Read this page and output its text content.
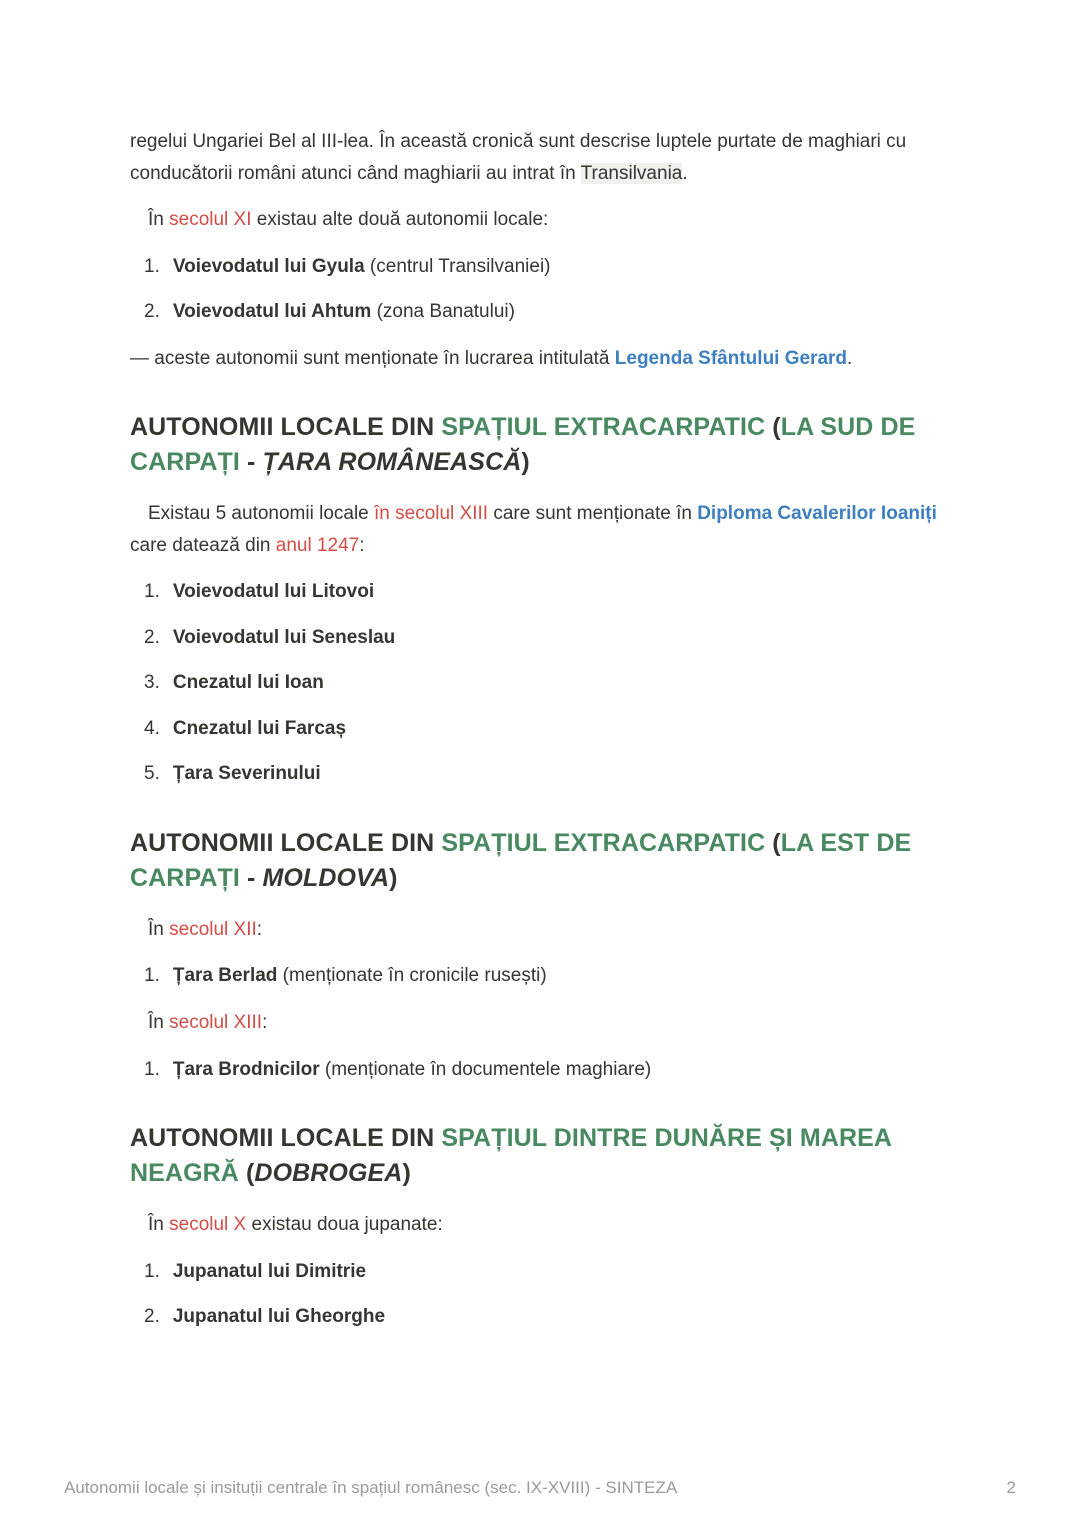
regelui Ungariei Bel al III-lea. În această cronică sunt descrise luptele purtate de maghiari cu conducătorii români atunci când maghiarii au intrat în Transilvania.

În secolul XI existau alte două autonomii locale:

1. Voievodatul lui Gyula (centrul Transilvaniei)
2. Voievodatul lui Ahtum (zona Banatului)

— aceste autonomii sunt menționate în lucrarea intitulată Legenda Sfântului Gerard.

AUTONOMII LOCALE DIN SPAȚIUL EXTRACARPATIC (LA SUD DE CARPAȚI - ȚARA ROMÂNEASCĂ)

Existau 5 autonomii locale în secolul XIII care sunt menționate în Diploma Cavalerilor Ioaniți care datează din anul 1247:

1. Voievodatul lui Litovoi
2. Voievodatul lui Seneslau
3. Cnezatul lui Ioan
4. Cnezatul lui Farcaș
5. Țara Severinului
AUTONOMII LOCALE DIN SPAȚIUL EXTRACARPATIC (LA EST DE CARPAȚI - MOLDOVA)

În secolul XII:

1. Țara Berlad (menționate în cronicile rusești)

În secolul XIII:

1. Țara Brodnicilor (menționate în documentele maghiare)
AUTONOMII LOCALE DIN SPAȚIUL DINTRE DUNĂRE ȘI MAREA NEAGRĂ (DOBROGEA)

În secolul X existau doua jupanate:

1. Jupanatul lui Dimitrie
2. Jupanatul lui Gheorghe
Autonomii locale și insituții centrale în spațiul românesc (sec. IX-XVIII) - SINTEZA	2
